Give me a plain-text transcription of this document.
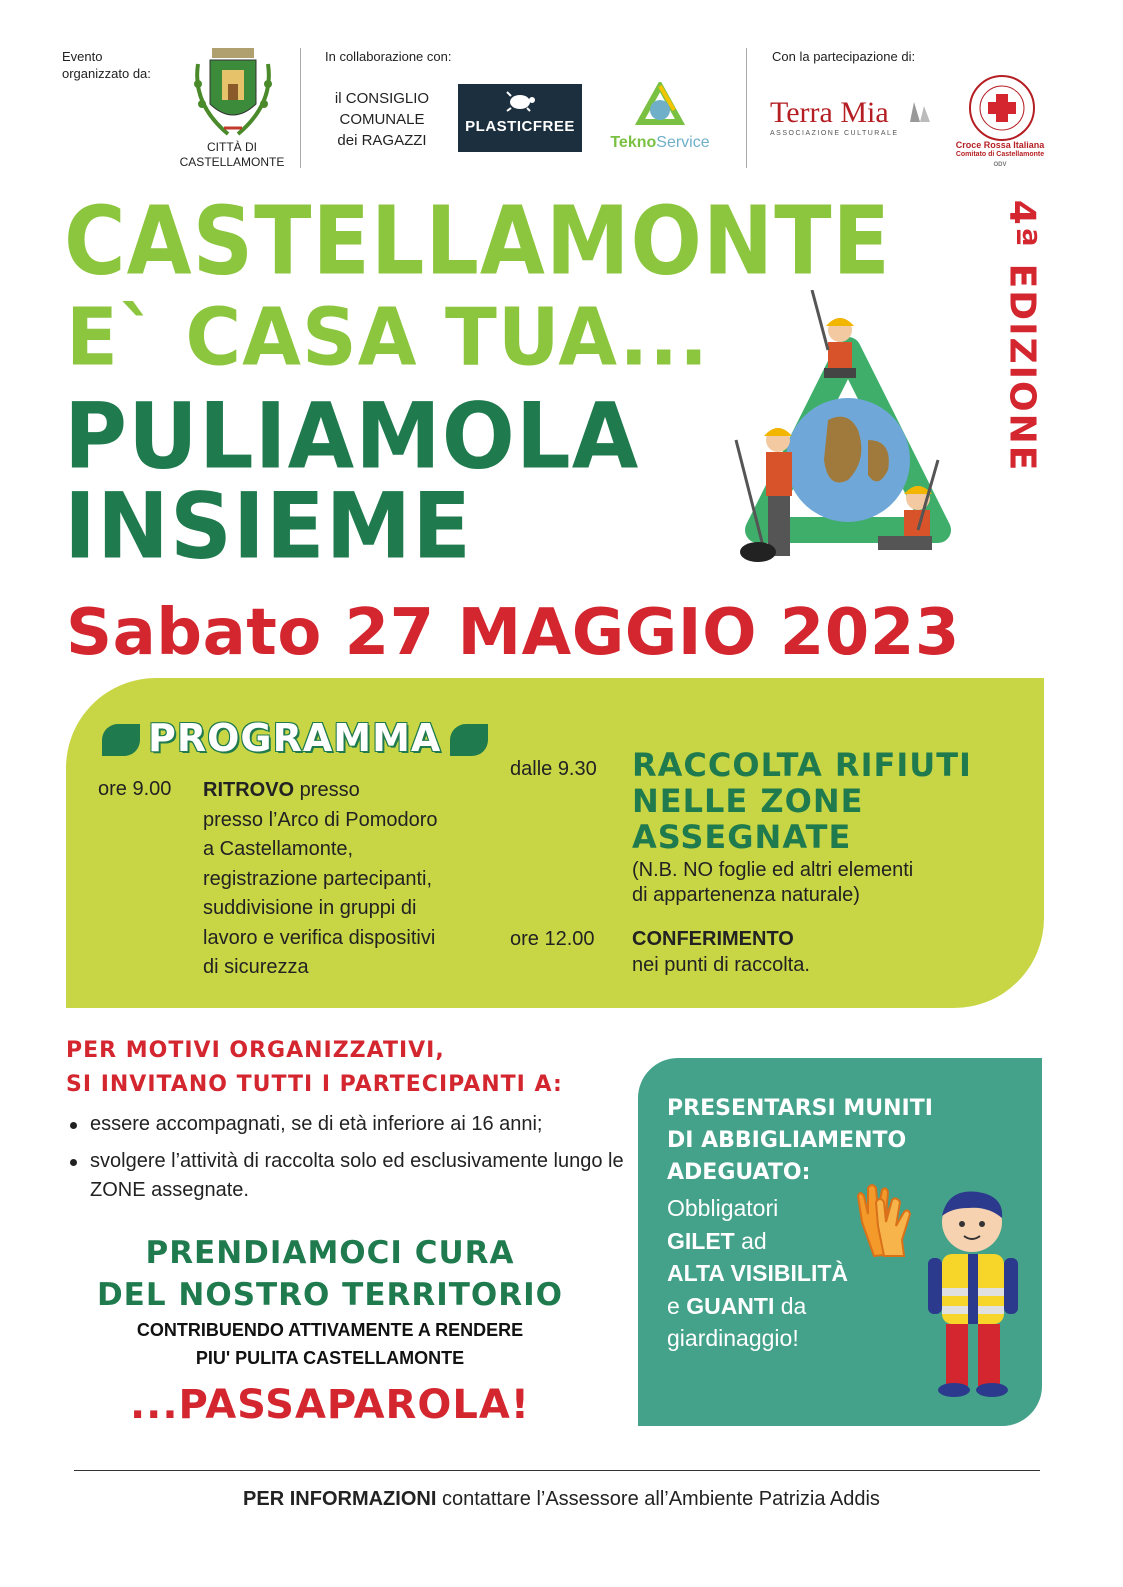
Evento organizzato da:
CITTÀ DI CASTELLAMONTE
In collaborazione con:
il CONSIGLIO
COMUNALE
dei RAGAZZI
PLASTICFREE
TeknoService
Con la partecipazione di:
Terra Mia
ASSOCIAZIONE CULTURALE
Croce Rossa Italiana
Comitato di Castellamonte
ODV
CASTELLAMONTE
E` CASA TUA...
PULIAMOLA
INSIEME
4ª EDIZIONE
Sabato 27 MAGGIO 2023
PROGRAMMA
ore 9.00 RITROVO presso
presso l’Arco di Pomodoro
a Castellamonte,
registrazione partecipanti,
suddivisione in gruppi di
lavoro e verifica dispositivi
di sicurezza
dalle 9.30 RACCOLTA RIFIUTI
NELLE ZONE
ASSEGNATE
(N.B. NO foglie ed altri elementi
di appartenenza naturale)
ore 12.00 CONFERIMENTO
nei punti di raccolta.
PER MOTIVI ORGANIZZATIVI,
SI INVITANO TUTTI I PARTECIPANTI A:
essere accompagnati, se di età inferiore ai 16 anni;
svolgere l’attività di raccolta solo ed esclusivamente lungo le ZONE assegnate.
PRENDIAMOCI CURA
DEL NOSTRO TERRITORIO
CONTRIBUENDO ATTIVAMENTE A RENDERE
PIU' PULITA CASTELLAMONTE
...PASSAPAROLA!
PRESENTARSI MUNITI
DI ABBIGLIAMENTO
ADEGUATO:
Obbligatori
GILET ad
ALTA VISIBILITÀ
e GUANTI da
giardinaggio!
PER INFORMAZIONI contattare l’Assessore all’Ambiente Patrizia Addis
